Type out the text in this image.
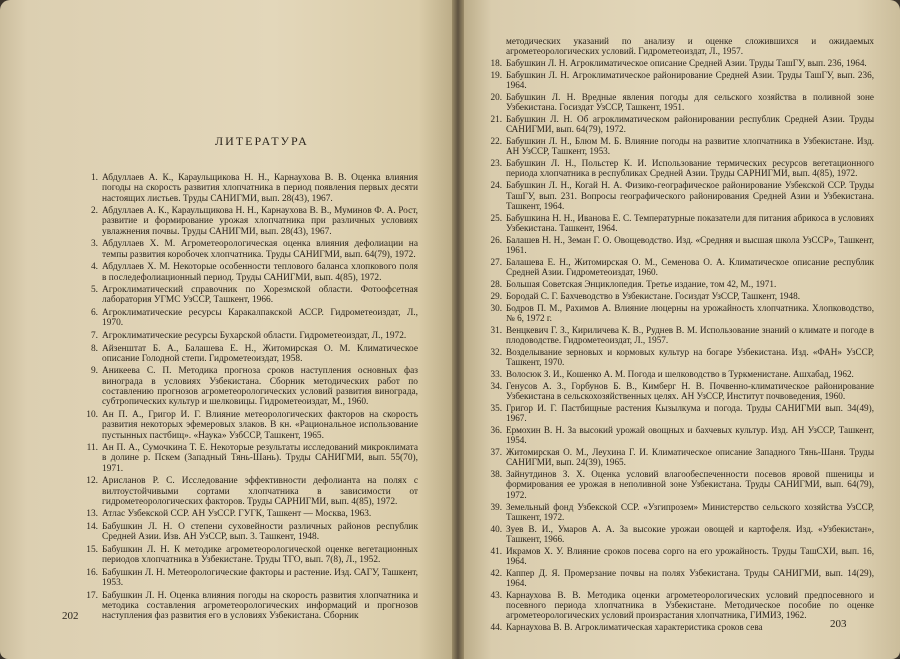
ЛИТЕРАТУРА
1. Абдуллаев А. К., Караульщикова Н. Н., Карнаухова В. В. Оценка влияния погоды на скорость развития хлопчатника в период появления первых десяти настоящих листьев. Труды САНИГМИ, вып. 28(43), 1967.
2. Абдуллаев А. К., Караульщикова Н. Н., Карнаухова В. В., Муминов Ф. А. Рост, развитие и формирование урожая хлопчатника при различных условиях увлажнения почвы. Труды САНИГМИ, вып. 28(43), 1967.
3. Абдуллаев Х. М. Агрометеорологическая оценка влияния дефолиации на темпы развития коробочек хлопчатника. Труды САНИГМИ, вып. 64(79), 1972.
4. Абдуллаев Х. М. Некоторые особенности теплового баланса хлопкового поля в последефолиационный период. Труды САНИГМИ, вып. 4(85), 1972.
5. Агроклиматический справочник по Хорезмской области. Фотоофсетная лаборатория УГМС УзССР, Ташкент, 1966.
6. Агроклиматические ресурсы Каракалпакской АССР. Гидрометеоиздат, Л., 1970.
7. Агроклиматические ресурсы Бухарской области. Гидрометеоиздат, Л., 1972.
8. Айзенштат Б. А., Балашева Е. Н., Житомирская О. М. Климатическое описание Голодной степи. Гидрометеоиздат, 1958.
9. Аникеева С. П. Методика прогноза сроков наступления основных фаз винограда в условиях Узбекистана. Сборник методических работ по составлению прогнозов агрометеорологических условий развития винограда, субтропических культур и шелковицы. Гидрометеоиздат, М., 1960.
10. Ан П. А., Григор И. Г. Влияние метеорологических факторов на скорость развития некоторых эфемеровых злаков. В кн. «Рациональное использование пустынных пастбищ». «Наука» УзбССР, Ташкент, 1965.
11. Ан П. А., Сумочкина Т. Е. Некоторые результаты исследований микроклимата в долине р. Пскем (Западный Тянь-Шань). Труды САНИГМИ, вып. 55(70), 1971.
12. Арисланов Р. С. Исследование эффективности дефолианта на полях с вилтоустойчивыми сортами хлопчатника в зависимости от гидрометеорологических факторов. Труды САРНИГМИ, вып. 4(85), 1972.
13. Атлас Узбекской ССР. АН УзССР. ГУГК, Ташкент — Москва, 1963.
14. Бабушкин Л. Н. О степени суховейности различных районов республик Средней Азии. Изв. АН УзССР, вып. 3. Ташкент, 1948.
15. Бабушкин Л. Н. К методике агрометеорологической оценке вегетационных периодов хлопчатника в Узбекистане. Труды ТГО, вып. 7(8), Л., 1952.
16. Бабушкин Л. Н. Метеорологические факторы и растение. Изд. САГУ, Ташкент, 1953.
17. Бабушкин Л. Н. Оценка влияния погоды на скорость развития хлопчатника и методика составления агрометеорологических информаций и прогнозов наступления фаз развития его в условиях Узбекистана. Сборник

202

методических указаний по анализу и оценке сложившихся и ожидаемых агрометеорологических условий. Гидрометеоиздат, Л., 1957.
18. Бабушкин Л. Н. Агроклиматическое описание Средней Азии. Труды ТашГУ, вып. 236, 1964.
19. Бабушкин Л. Н. Агроклиматическое районирование Средней Азии. Труды ТашГУ, вып. 236, 1964.
20. Бабушкин Л. Н. Вредные явления погоды для сельского хозяйства в поливной зоне Узбекистана. Госиздат УзССР, Ташкент, 1951.
21. Бабушкин Л. Н. Об агроклиматическом районировании республик Средней Азии. Труды САНИГМИ, вып. 64(79), 1972.
22. Бабушкин Л. Н., Блюм М. Б. Влияние погоды на развитие хлопчатника в Узбекистане. Изд. АН УзССР, Ташкент, 1953.
23. Бабушкин Л. Н., Польстер К. И. Использование термических ресурсов вегетационного периода хлопчатника в республиках Средней Азии. Труды САРНИГМИ, вып. 4(85), 1972.
24. Бабушкин Л. Н., Когай Н. А. Физико-географическое районирование Узбекской ССР. Труды ТашГУ, вып. 231. Вопросы географического районирования Средней Азии и Узбекистана. Ташкент, 1964.
25. Бабушкина Н. Н., Иванова Е. С. Температурные показатели для питания абрикоса в условиях Узбекистана. Ташкент, 1964.
26. Балашев Н. Н., Земан Г. О. Овощеводство. Изд. «Средняя и высшая школа УзССР», Ташкент, 1961.
27. Балашева Е. Н., Житомирская О. М., Семенова О. А. Климатическое описание республик Средней Азии. Гидрометеоиздат, 1960.
28. Большая Советская Энциклопедия. Третье издание, том 42, М., 1971.
29. Бородай С. Г. Бахчеводство в Узбекистане. Госиздат УзССР, Ташкент, 1948.
30. Бодров П. М., Рахимов А. Влияние люцерны на урожайность хлопчатника. Хлопководство, № 6, 1972 г.
31. Венцкевич Г. З., Кириличева К. В., Руднев В. М. Использование знаний о климате и погоде в плодоводстве. Гидрометеоиздат, Л., 1957.
32. Возделывание зерновых и кормовых культур на богаре Узбекистана. Изд. «ФАН» УзССР, Ташкент, 1970.
33. Волосюк З. И., Кошенко А. М. Погода и шелководство в Туркменистане. Ашхабад, 1962.
34. Генусов А. З., Горбунов Б. В., Кимберг Н. В. Почвенно-климатическое районирование Узбекистана в сельскохозяйственных целях. АН УзССР, Институт почвоведения, 1960.
35. Григор И. Г. Пастбищные растения Кызылкума и погода. Труды САНИГМИ вып. 34(49), 1967.
36. Ермохин В. Н. За высокий урожай овощных и бахчевых культур. Изд. АН УзССР, Ташкент, 1954.
37. Житомирская О. М., Леухина Г. И. Климатическое описание Западного Тянь-Шаня. Труды САНИГМИ, вып. 24(39), 1965.
38. Зайнутдинов З. Х. Оценка условий влагообеспеченности посевов яровой пшеницы и формирования ее урожая в неполивной зоне Узбекистана. Труды САНИГМИ, вып. 64(79), 1972.
39. Земельный фонд Узбекской ССР. «Узгипрозем» Министерство сельского хозяйства УзССР, Ташкент, 1972.
40. Зуев В. И., Умаров А. А. За высокие урожаи овощей и картофеля. Изд. «Узбекистан», Ташкент, 1966.
41. Икрамов Х. У. Влияние сроков посева сорго на его урожайность. Труды ТашСХИ, вып. 16, 1964.
42. Каппер Д. Я. Промерзание почвы на полях Узбекистана. Труды САНИГМИ, вып. 14(29), 1964.
43. Карнаухова В. В. Методика оценки агрометеорологических условий предпосевного и посевного периода хлопчатника в Узбекистане. Методическое пособие по оценке агрометеорологических условий произрастания хлопчатника, ГИМИЗ, 1962.
44. Карнаухова В. В. Агроклиматическая характеристика сроков сева	203
